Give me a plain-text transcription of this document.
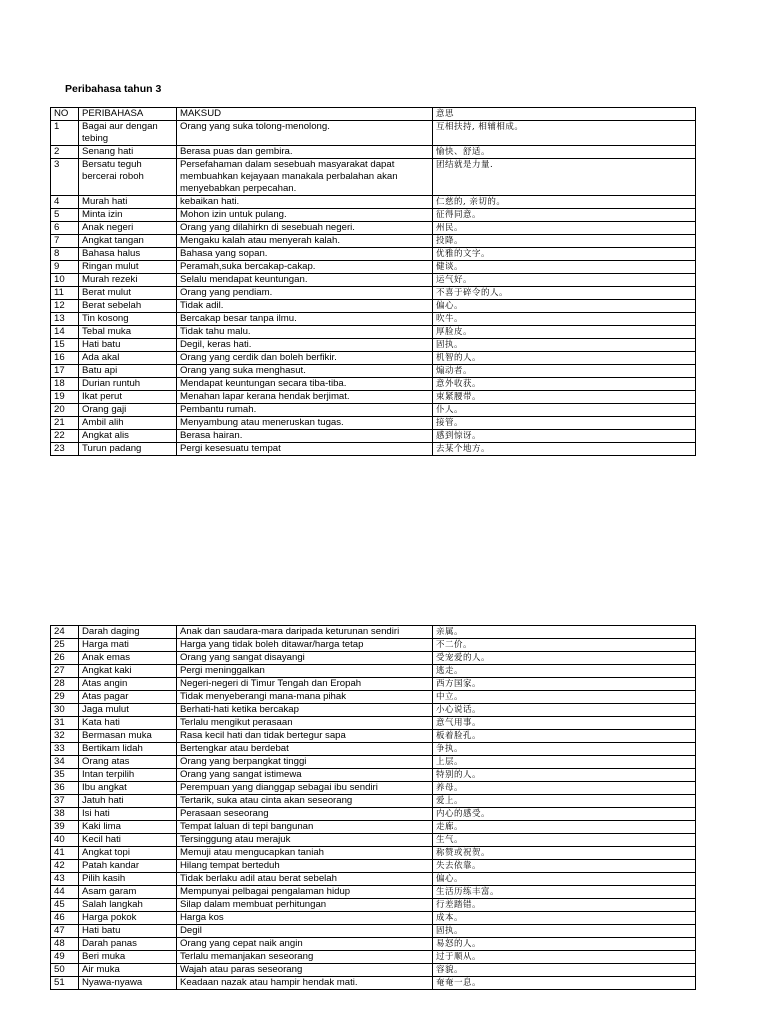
Peribahasa tahun 3
NO	PERIBAHASA	MAKSUD	意思
1	Bagai aur dengan tebing	Orang yang suka tolong-menolong.	互相扶持, 相辅相成。
2	Senang hati	Berasa puas dan gembira.	愉快、舒适。
3	Bersatu teguh bercerai roboh	Persefahaman dalam sesebuah masyarakat dapat membuahkan kejayaan manakala perbalahan akan menyebabkan perpecahan.	团结就是力量.
4	Murah hati	kebaikan hati.	仁慈的, 亲切的。
5	Minta izin	Mohon izin untuk pulang.	征得同意。
6	Anak negeri	Orang yang dilahirkn di sesebuah negeri.	州民。
7	Angkat tangan	Mengaku kalah atau menyerah kalah.	投降。
8	Bahasa halus	Bahasa yang sopan.	优雅的文字。
9	Ringan mulut	Peramah,suka bercakap-cakap.	健谈。
10	Murah rezeki	Selalu mendapat keuntungan.	运气好。
11	Berat mulut	Orang yang pendiam.	不喜于碎令的人。
12	Berat sebelah	Tidak adil.	偏心。
13	Tin kosong	Bercakap besar tanpa ilmu.	吹牛。
14	Tebal muka	Tidak tahu malu.	厚脸皮。
15	Hati batu	Degil, keras hati.	固执。
16	Ada akal	Orang yang cerdik dan boleh berfikir.	机智的人。
17	Batu api	Orang yang suka menghasut.	煽动者。
18	Durian runtuh	Mendapat keuntungan secara tiba-tiba.	意外收获。
19	Ikat perut	Menahan lapar kerana hendak berjimat.	束紧腰带。
20	Orang gaji	Pembantu rumah.	仆人。
21	Ambil alih	Menyambung atau meneruskan tugas.	接管。
22	Angkat alis	Berasa hairan.	感到惊讶。
23	Turun padang	Pergi kesesuatu tempat	去某个地方。
24	Darah daging	Anak dan saudara-mara daripada keturunan sendiri	亲属。
25	Harga mati	Harga yang tidak boleh ditawar/harga tetap	不二价。
26	Anak emas	Orang yang sangat disayangi	受宠爱的人。
27	Angkat kaki	Pergi meninggalkan	逃走。
28	Atas angin	Negeri-negeri di Timur Tengah dan Eropah	西方国家。
29	Atas pagar	Tidak menyeberangi mana-mana pihak	中立。
30	Jaga mulut	Berhati-hati ketika bercakap	小心说话。
31	Kata hati	Terlalu mengikut perasaan	意气用事。
32	Bermasan muka	Rasa kecil hati dan tidak bertegur sapa	板着脸孔。
33	Bertikam lidah	Bertengkar atau berdebat	争执。
34	Orang atas	Orang yang berpangkat tinggi	上层。
35	Intan terpilih	Orang yang sangat istimewa	特别的人。
36	Ibu angkat	Perempuan yang dianggap sebagai ibu sendiri	养母。
37	Jatuh hati	Tertarik, suka atau cinta akan seseorang	爱上。
38	Isi hati	Perasaan seseorang	内心的感受。
39	Kaki lima	Tempat laluan di tepi bangunan	走廊。
40	Kecil hati	Tersinggung atau merajuk	生气。
41	Angkat topi	Memuji atau mengucapkan taniah	称赞或祝贺。
42	Patah kandar	Hilang tempat berteduh	失去依靠。
43	Pilih kasih	Tidak berlaku adil atau berat sebelah	偏心。
44	Asam garam	Mempunyai pelbagai pengalaman hidup	生活历练丰富。
45	Salah langkah	Silap dalam membuat perhitungan	行差踏错。
46	Harga pokok	Harga kos	成本。
47	Hati batu	Degil	固执。
48	Darah panas	Orang yang cepat naik angin	易怒的人。
49	Beri muka	Terlalu memanjakan seseorang	过于顺从。
50	Air muka	Wajah atau paras seseorang	容貌。
51	Nyawa-nyawa	Keadaan nazak atau hampir hendak mati.	奄奄一息。
